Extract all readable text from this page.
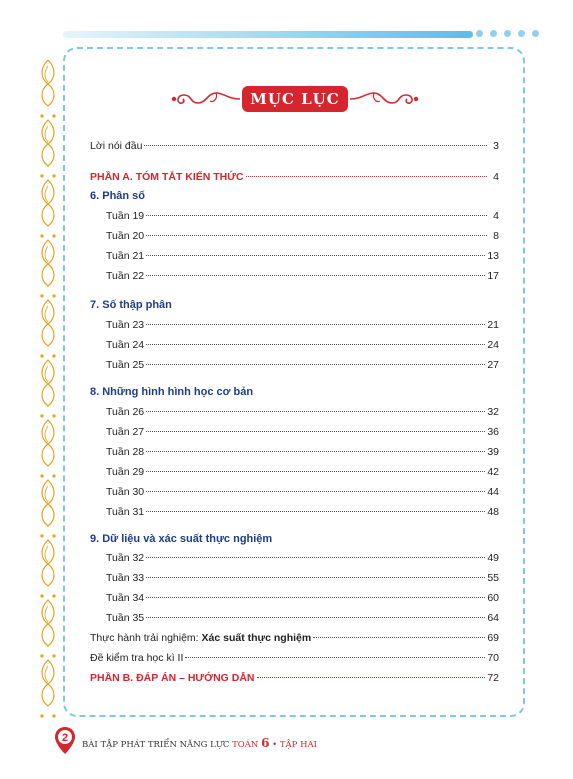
MỤC LỤC
Lời nói đầu	3
PHẦN A. TÓM TẮT KIẾN THỨC	4
6. Phân số
Tuần 19	4
Tuần 20	8
Tuần 21	13
Tuần 22	17
7. Số thập phân
Tuần 23	21
Tuần 24	24
Tuần 25	27
8. Những hình hình học cơ bản
Tuần 26	32
Tuần 27	36
Tuần 28	39
Tuần 29	42
Tuần 30	44
Tuần 31	48
9. Dữ liệu và xác suất thực nghiệm
Tuần 32	49
Tuần 33	55
Tuần 34	60
Tuần 35	64
Thực hành trải nghiệm: Xác suất thực nghiệm	69
Đề kiểm tra học kì II	70
PHẦN B. ĐÁP ÁN – HƯỚNG DẪN	72
2
BÀI TẬP PHÁT TRIỂN NĂNG LỰC TOÁN 6 • TẬP HAI
